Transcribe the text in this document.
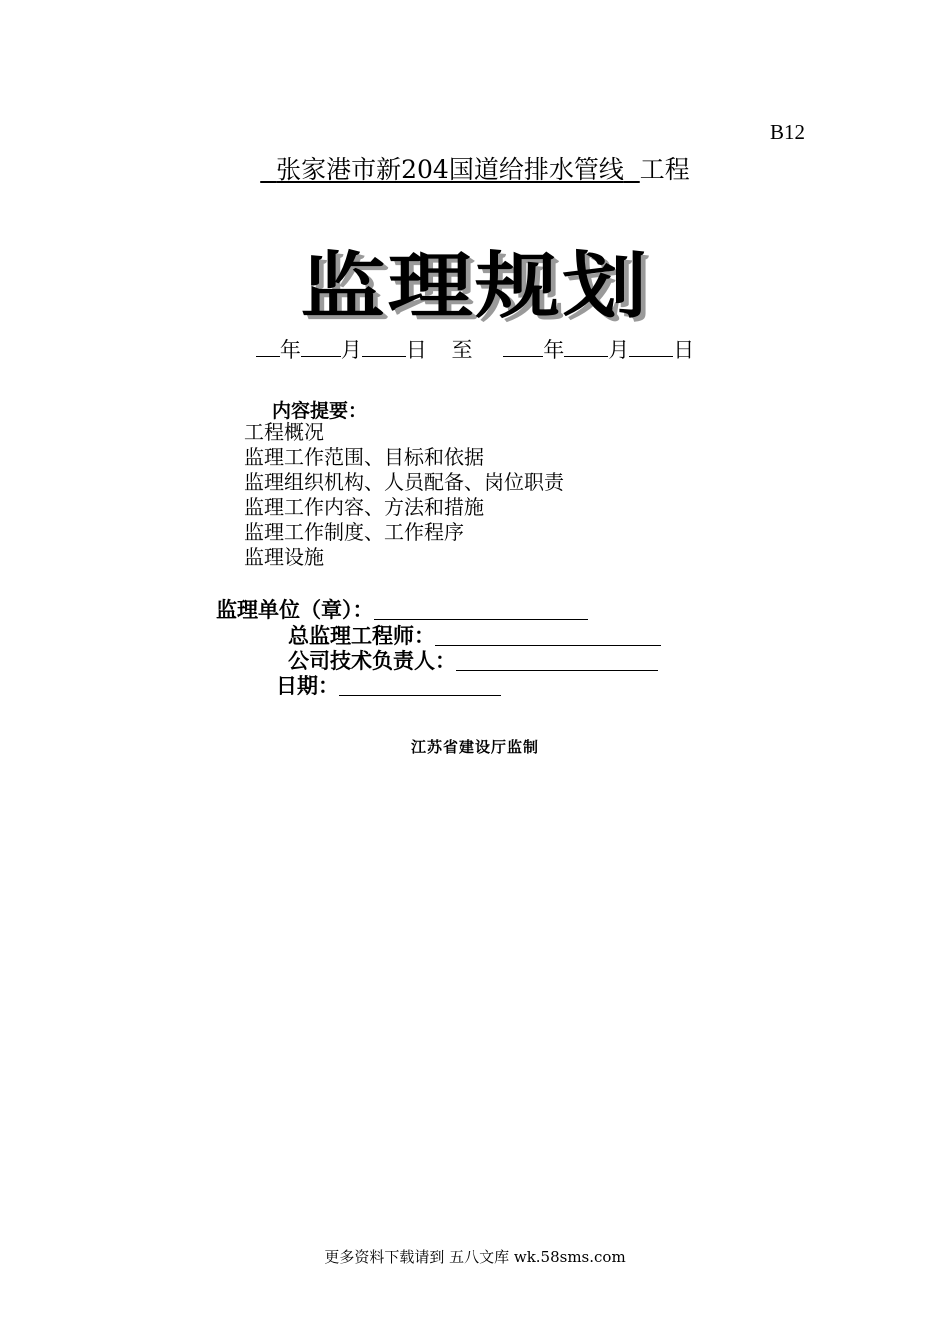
B12
张家港市新204国道给排水管线 工程
监理规划
年 月 日 至	年 月 日
内容提要：
工程概况
监理工作范围、目标和依据
监理组织机构、人员配备、岗位职责
监理工作内容、方法和措施
监理工作制度、工作程序
监理设施
监理单位（章）：
总监理工程师：
公司技术负责人：
日期：
江苏省建设厅监制
更多资料下载请到 五八文库 wk.58sms.com
